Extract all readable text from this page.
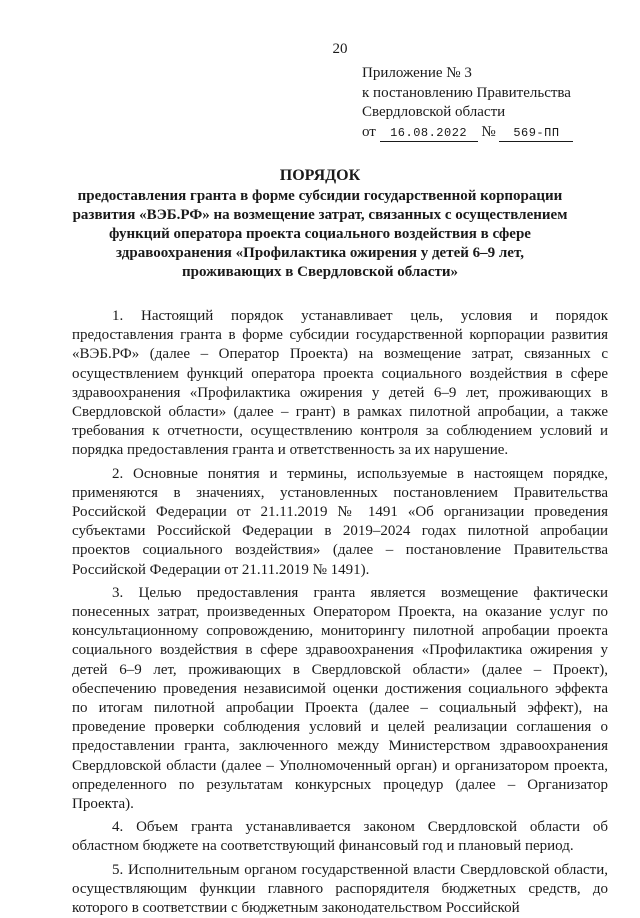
20
Приложение № 3
к постановлению Правительства
Свердловской области
от 16.08.2022 № 569-ПП
ПОРЯДОК
предоставления гранта в форме субсидии государственной корпорации развития «ВЭБ.РФ» на возмещение затрат, связанных с осуществлением функций оператора проекта социального воздействия в сфере здравоохранения «Профилактика ожирения у детей 6–9 лет, проживающих в Свердловской области»

1. Настоящий порядок устанавливает цель, условия и порядок предоставления гранта в форме субсидии государственной корпорации развития «ВЭБ.РФ» (далее – Оператор Проекта) на возмещение затрат, связанных с осуществлением функций оператора проекта социального воздействия в сфере здравоохранения «Профилактика ожирения у детей 6–9 лет, проживающих в Свердловской области» (далее – грант) в рамках пилотной апробации, а также требования к отчетности, осуществлению контроля за соблюдением условий и порядка предоставления гранта и ответственность за их нарушение.

2. Основные понятия и термины, используемые в настоящем порядке, применяются в значениях, установленных постановлением Правительства Российской Федерации от 21.11.2019 № 1491 «Об организации проведения субъектами Российской Федерации в 2019–2024 годах пилотной апробации проектов социального воздействия» (далее – постановление Правительства Российской Федерации от 21.11.2019 № 1491).

3. Целью предоставления гранта является возмещение фактически понесенных затрат, произведенных Оператором Проекта, на оказание услуг по консультационному сопровождению, мониторингу пилотной апробации проекта социального воздействия в сфере здравоохранения «Профилактика ожирения у детей 6–9 лет, проживающих в Свердловской области» (далее – Проект), обеспечению проведения независимой оценки достижения социального эффекта по итогам пилотной апробации Проекта (далее – социальный эффект), на проведение проверки соблюдения условий и целей реализации соглашения о предоставлении гранта, заключенного между Министерством здравоохранения Свердловской области (далее – Уполномоченный орган) и организатором проекта, определенного по результатам конкурсных процедур (далее – Организатор Проекта).

4. Объем гранта устанавливается законом Свердловской области об областном бюджете на соответствующий финансовый год и плановый период.

5. Исполнительным органом государственной власти Свердловской области, осуществляющим функции главного распорядителя бюджетных средств, до которого в соответствии с бюджетным законодательством Российской
